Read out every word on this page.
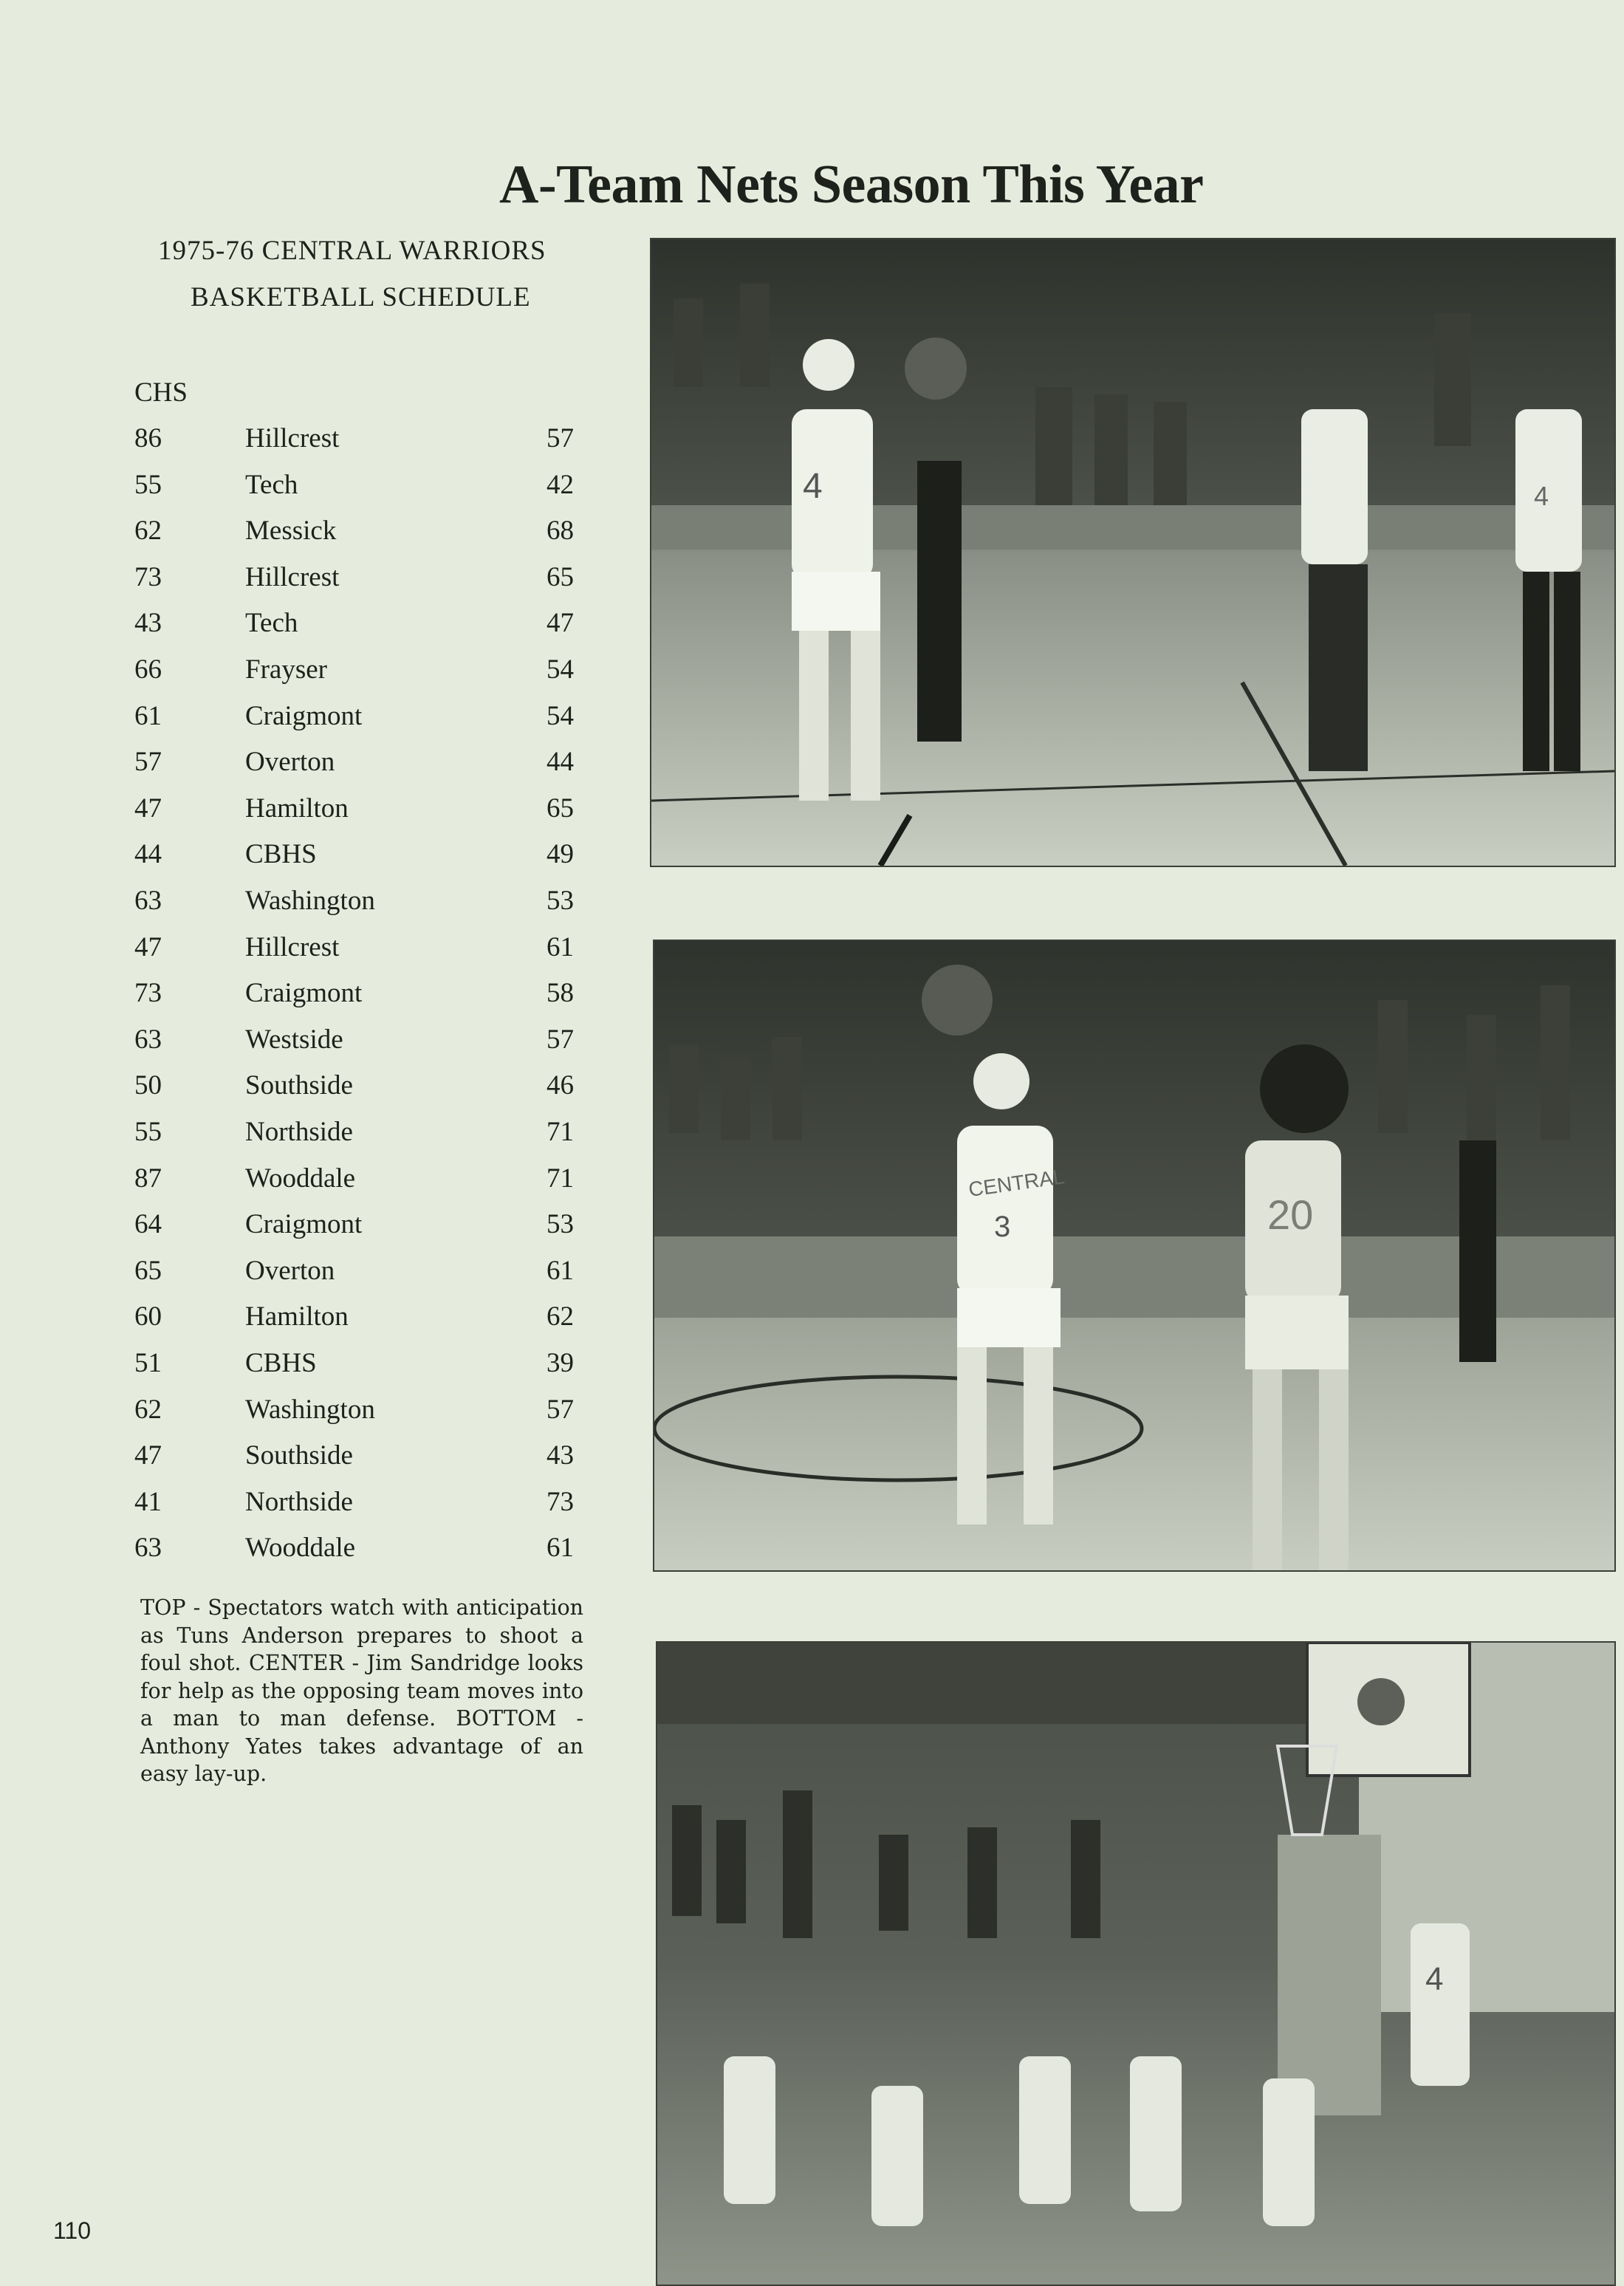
A-Team Nets Season This Year
1975-76 CENTRAL WARRIORS
BASKETBALL SCHEDULE
CHS
86	Hillcrest	57
55	Tech	42
62	Messick	68
73	Hillcrest	65
43	Tech	47
66	Frayser	54
61	Craigmont	54
57	Overton	44
47	Hamilton	65
44	CBHS	49
63	Washington	53
47	Hillcrest	61
73	Craigmont	58
63	Westside	57
50	Southside	46
55	Northside	71
87	Wooddale	71
64	Craigmont	53
65	Overton	61
60	Hamilton	62
51	CBHS	39
62	Washington	57
47	Southside	43
41	Northside	73
63	Wooddale	61
TOP - Spectators watch with anticipation as Tuns Anderson prepares to shoot a foul shot. CENTER - Jim Sandridge looks for help as the opposing team moves into a man to man defense. BOTTOM - Anthony Yates takes advantage of an easy lay-up.
4	4
CENTRAL
3	20
4
110
